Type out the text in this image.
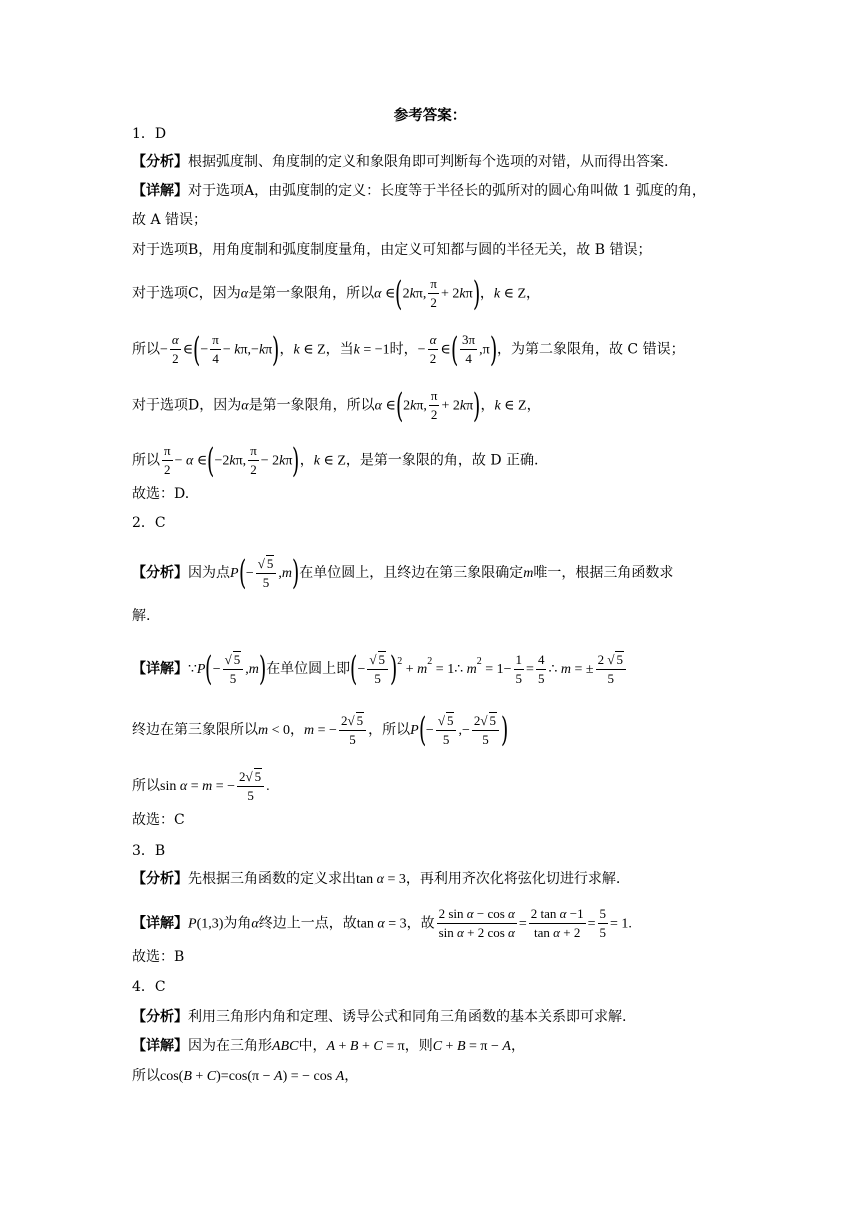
参考答案：
1．D
【分析】根据弧度制、角度制的定义和象限角即可判断每个选项的对错，从而得出答案.
【详解】对于选项A，由弧度制的定义：长度等于半径长的弧所对的圆心角叫做 1 弧度的角，
故 A 错误；
对于选项B，用角度制和弧度制度量角，由定义可知都与圆的半径无关，故 B 错误；
对于选项C，因为α是第一象限角，所以α ∈(2kπ, $\frac{\pi}{2} + 2k\pi$)，k ∈ Z，
所以− $\frac{\alpha}{2}$ ∈(− $\frac{\pi}{4} - k\pi,-k\pi$)，k ∈ Z，当k = −1时，− $\frac{\alpha}{2}$ ∈( $\frac{3\pi}{4} ,\pi$)，为第二象限角，故 C 错误；
对于选项D，因为α是第一象限角，所以α ∈(2kπ, $\frac{\pi}{2} + 2k\pi$)，k ∈ Z，
所以 $\frac{\pi}{2} - \alpha$ ∈(−2kπ, $\frac{\pi}{2} - 2k\pi$)，k ∈ Z，是第一象限的角，故 D 正确.
故选：D.
2．C
【分析】因为点$P(- \frac{√ 5}{5} ,m)$在单位圆上，且终边在第三象限确定m唯一，根据三角函数求
解.
【详解】∵P(− $\frac{√ 5}{5} ,m$)在单位圆上即(− $\frac{√ 5}{5} )^2 + m^2$ = 1∴ $m^2 = 1- \frac{1}{5} = \frac{4}{5}$ ∴ m = ± $\frac{2 √ 5}{5}$
终边在第三象限所以m < 0，m = − $\frac{2√ 5}{5}$ ，所以$P(- \frac{√ 5}{5}$ ,− $\frac{2√ 5}{5}$ )
所以sin α = m = − $\frac{2√ 5}{5}$ .
故选：C
3．B
【分析】先根据三角函数的定义求出tan α = 3，再利用齐次化将弦化切进行求解.
【详解】P(1,3)为角α终边上一点，故tan α = 3，故 $\frac{\text{2 sin α − cos α}}{\text{sin α + 2 cos α}} = \frac{\text{2 tan α −1}}{\text{tan α + 2}} = \frac{5}{5} = 1$.
故选：B
4．C
【分析】利用三角形内角和定理、诱导公式和同角三角函数的基本关系即可求解.
【详解】因为在三角形ABC中，A + B + C = π，则C + B = π − A，
所以cos(B + C)=cos(π − A) = − cos A，
